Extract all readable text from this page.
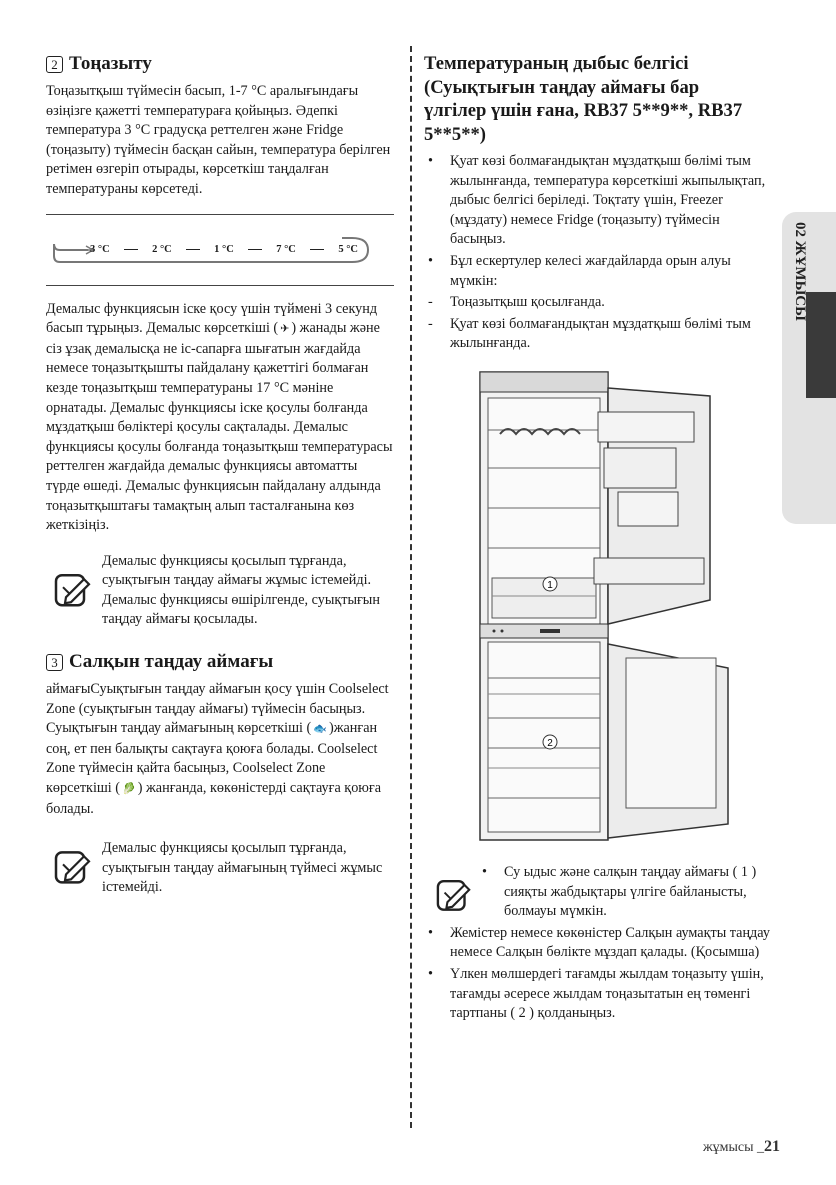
2 Тоңазыту

Тоңазытқыш түймесін басып, 1-7 °C аралығындағы өзіңізге қажетті температураға қойыңыз. Әдепкі температура 3 °C градусқа реттелген және Fridge (тоңазыту) түймесін басқан сайын, температура берілген ретімен өзгеріп отырады, көрсеткіш таңдалған температураны көрсетеді.

3 °C	2 °C	1 °C	7 °C	5 °C

Демалыс функциясын іске қосу үшін түймені 3 секунд басып тұрыңыз. Демалыс көрсеткіші ( ✈ ) жанады және сіз ұзақ демалысқа не іс-сапарға шығатын жағдайда немесе тоңазытқышты пайдалану қажеттігі болмаған кезде тоңазытқыш температураны 17 °C мәніне орнатады. Демалыс функциясы іске қосулы болғанда мұздатқыш бөліктері қосулы сақталады. Демалыс функциясы қосулы болғанда тоңазытқыш температурасы реттелген жағдайда демалыс функциясы автоматты түрде өшеді. Демалыс функциясын пайдалану алдында тоңазытқыштағы тамақтың алып тасталғанына көз жеткізіңіз.

Демалыс функциясы қосылып тұрғанда, суықтығын таңдау аймағы жұмыс істемейді. Демалыс функциясы өшірілгенде, суықтығын таңдау аймағы қосылады.

3 Салқын таңдау аймағы

аймағыСуықтығын таңдау аймағын қосу үшін Coolselect Zone (суықтығын таңдау аймағы) түймесін басыңыз. Суықтығын таңдау аймағының көрсеткіші ( 🐟 )жанған соң, ет пен балықты сақтауға қоюға болады. Coolselect Zone түймесін қайта басыңыз, Coolselect Zone көрсеткіші ( 🥬 ) жанғанда, көкөністерді сақтауға қоюға болады.

Демалыс функциясы қосылып тұрғанда, суықтығын таңдау аймағының түймесі жұмыс істемейді.

Температураның дыбыс белгісі (Суықтығын таңдау аймағы бар үлгілер үшін ғана, RB37 5**9**, RB37 5**5**)
• Қуат көзі болмағандықтан мұздатқыш бөлімі тым жылынғанда, температура көрсеткіші жыпылықтап, дыбыс белгісі беріледі. Тоқтату үшін, Freezer (мұздату) немесе Fridge (тоңазыту) түймесін басыңыз.
• Бұл ескертулер келесі жағдайларда орын алуы мүмкін:
- Тоңазытқыш қосылғанда.
- Қуат көзі болмағандықтан мұздатқыш бөлімі тым жылынғанда.
1
2
• Су ыдыс және салқын таңдау аймағы ( 1 ) сияқты жабдықтары үлгіге байланысты, болмауы мүмкін.
• Жемістер немесе көкөністер Салқын аумақты таңдау немесе Салқын бөлікте мұздап қалады. (Қосымша)
• Үлкен мөлшердегі тағамды жылдам тоңазыту үшін, тағамды әсересе жылдам тоңазытатын ең төменгі тартпаны ( 2 ) қолданыңыз.
02 ЖҰМЫСЫ
жұмысы _21
